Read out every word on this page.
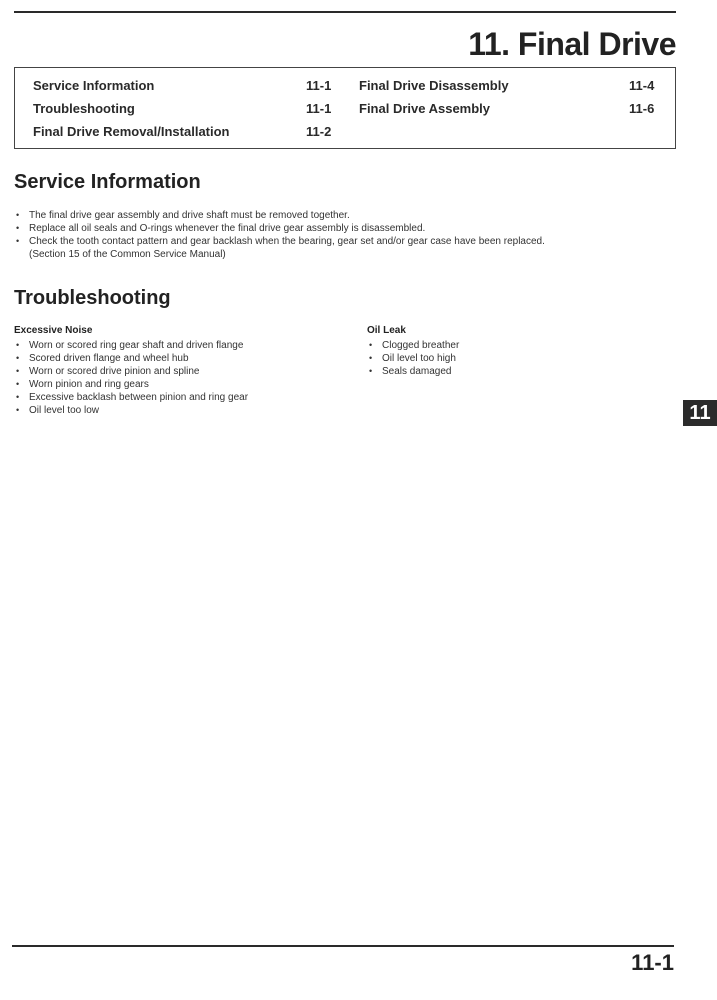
11. Final Drive
Service Information	11-1
Troubleshooting	11-1
Final Drive Removal/Installation	11-2
Final Drive Disassembly	11-4
Final Drive Assembly	11-6
Service Information
• The final drive gear assembly and drive shaft must be removed together.
• Replace all oil seals and O-rings whenever the final drive gear assembly is disassembled.
• Check the tooth contact pattern and gear backlash when the bearing, gear set and/or gear case have been replaced.
(Section 15 of the Common Service Manual)
Troubleshooting
Excessive Noise
• Worn or scored ring gear shaft and driven flange
• Scored driven flange and wheel hub
• Worn or scored drive pinion and spline
• Worn pinion and ring gears
• Excessive backlash between pinion and ring gear
• Oil level too low
Oil Leak
• Clogged breather
• Oil level too high
• Seals damaged
11

11-1
